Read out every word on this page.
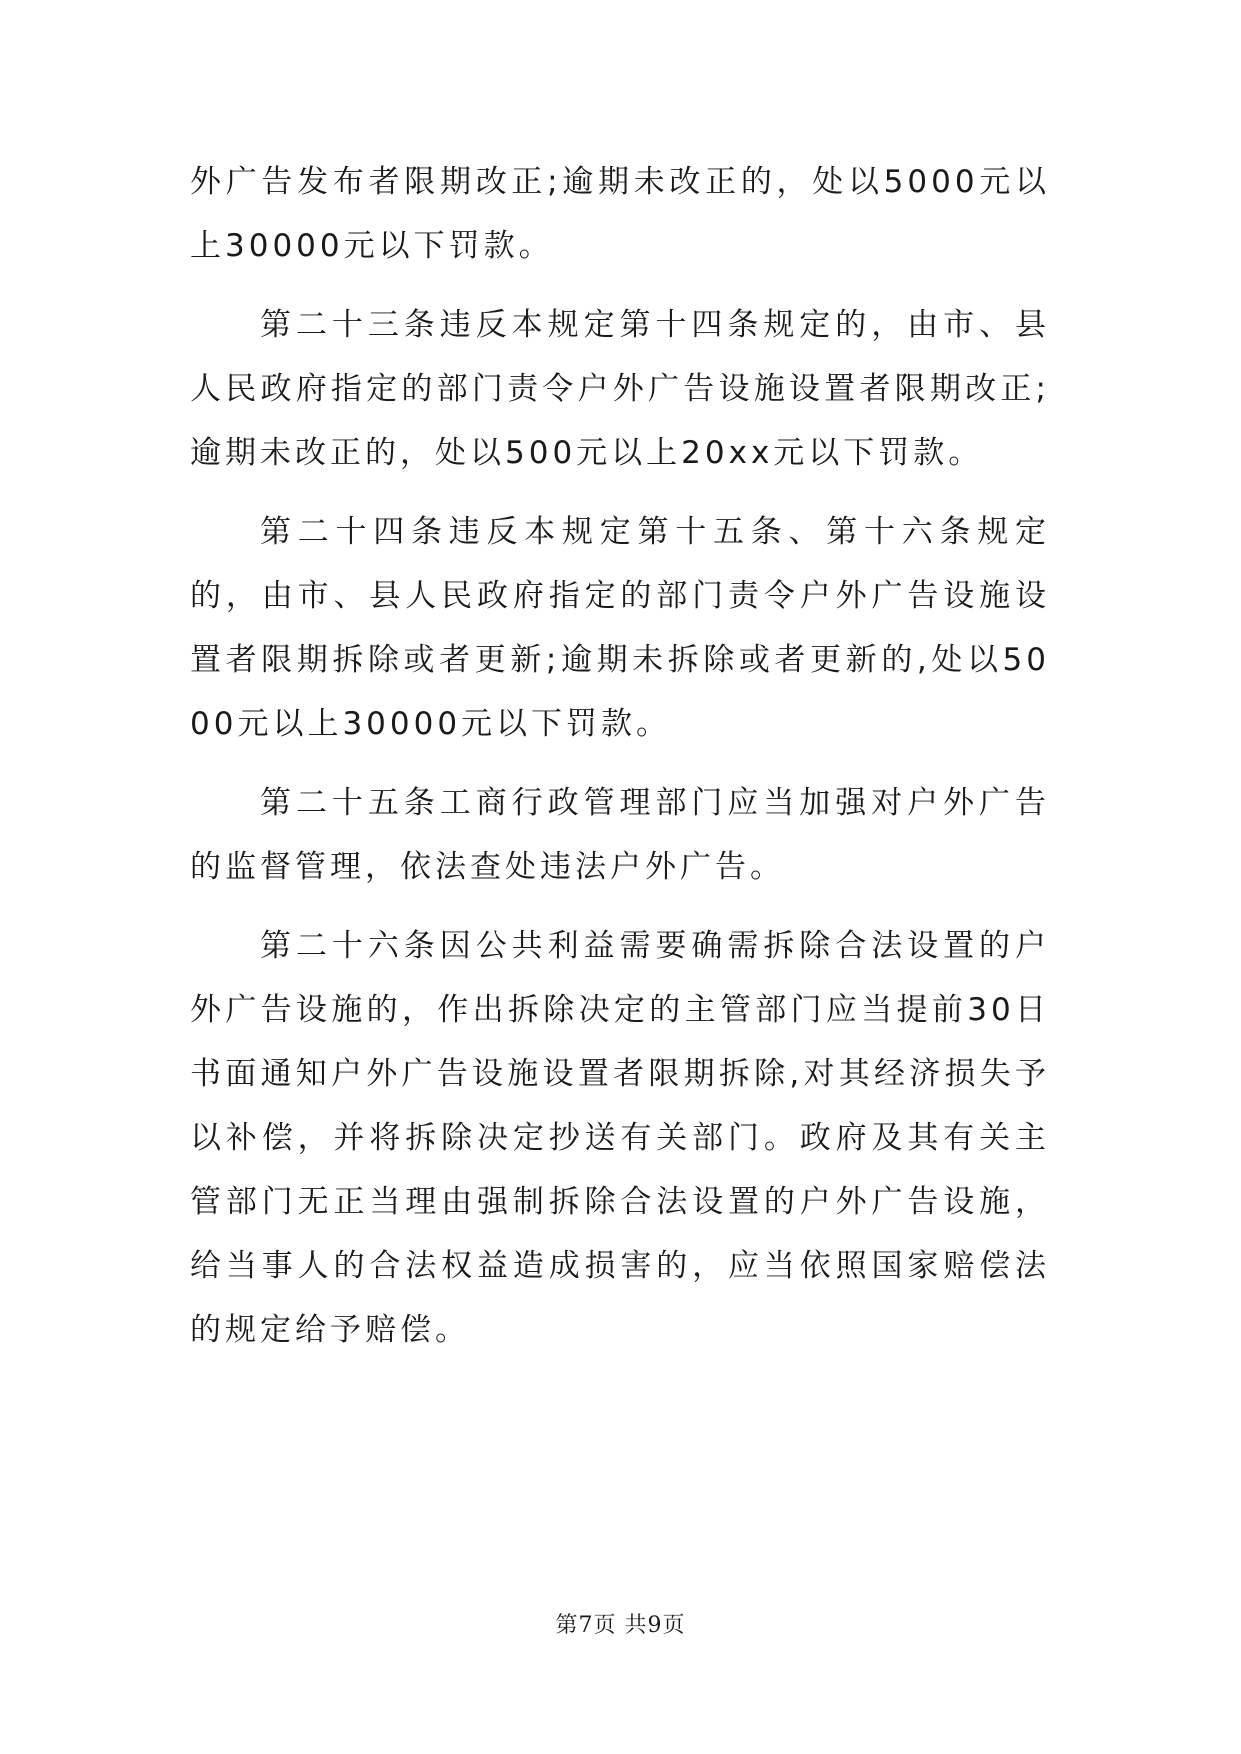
外广告发布者限期改正;逾期未改正的，处以5000元以上30000元以下罚款。

第二十三条违反本规定第十四条规定的，由市、县人民政府指定的部门责令户外广告设施设置者限期改正;逾期未改正的，处以500元以上20xx元以下罚款。

第二十四条违反本规定第十五条、第十六条规定的，由市、县人民政府指定的部门责令户外广告设施设置者限期拆除或者更新;逾期未拆除或者更新的,处以5000元以上30000元以下罚款。

第二十五条工商行政管理部门应当加强对户外广告的监督管理，依法查处违法户外广告。

第二十六条因公共利益需要确需拆除合法设置的户外广告设施的，作出拆除决定的主管部门应当提前30日书面通知户外广告设施设置者限期拆除,对其经济损失予以补偿，并将拆除决定抄送有关部门。政府及其有关主管部门无正当理由强制拆除合法设置的户外广告设施，给当事人的合法权益造成损害的，应当依照国家赔偿法的规定给予赔偿。

第7页 共9页
